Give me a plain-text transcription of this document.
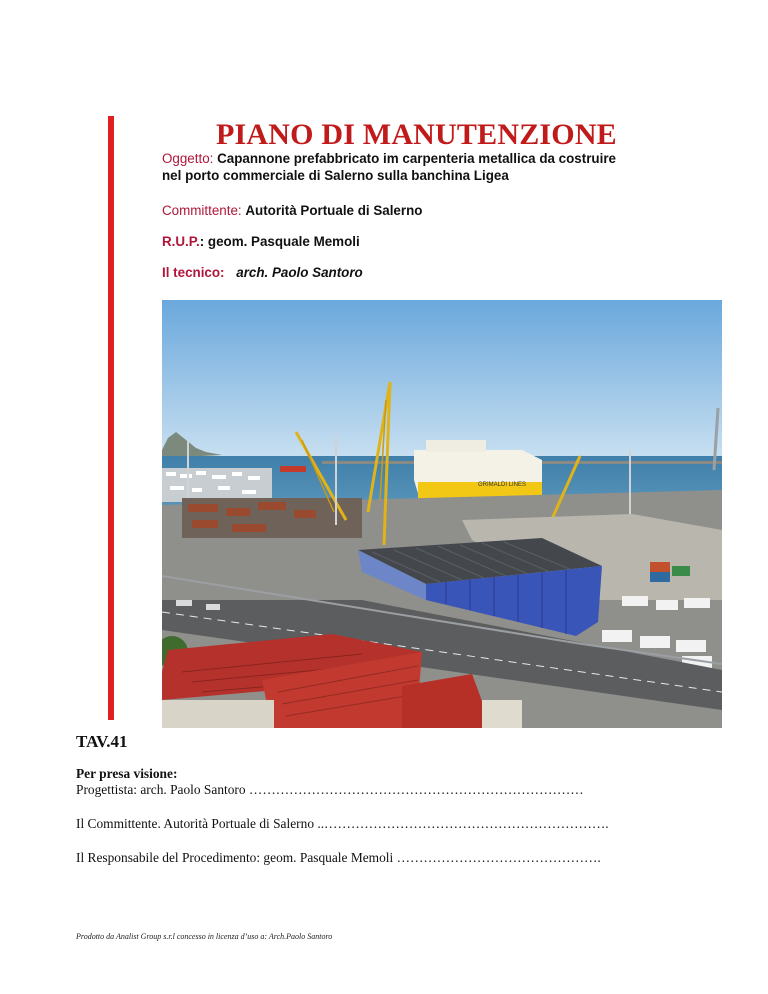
PIANO DI MANUTENZIONE
Oggetto: Capannone prefabbricato im carpenteria metallica da costruire
nel porto commerciale di Salerno sulla banchina Ligea
Committente: Autorità Portuale di Salerno
R.U.P.: geom. Pasquale Memoli
Il tecnico: arch. Paolo Santoro
GRIMALDI LINES
TAV.41
Per presa visione:
Progettista: arch. Paolo Santoro …………………………………………………………………
Il Committente. Autorità Portuale di Salerno ..……………………………………………………….
Il Responsabile del Procedimento: geom. Pasquale Memoli ……………………………………….
Prodotto da Analist Group s.r.l concesso in licenza d’uso a: Arch.Paolo Santoro
